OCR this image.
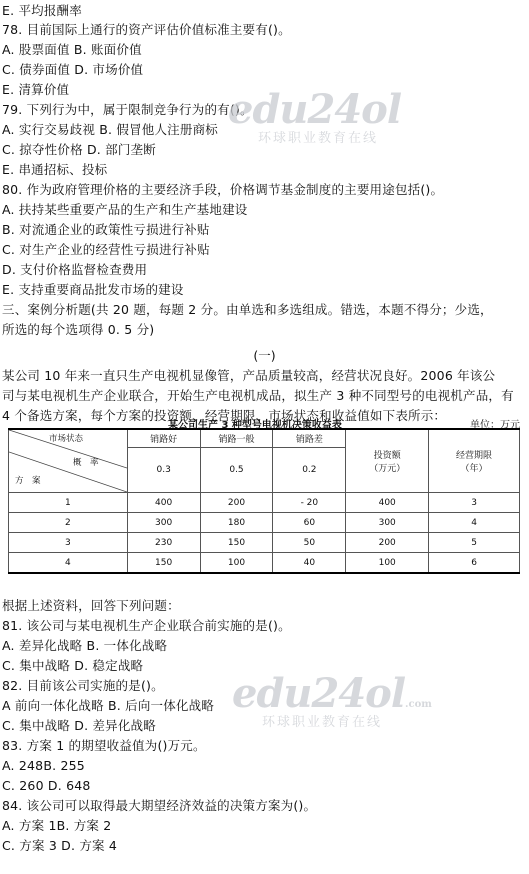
E. 平均报酬率
78. 目前国际上通行的资产评估价值标准主要有()。
A. 股票面值 B. 账面价值
C. 债券面值 D. 市场价值
E. 清算价值
79. 下列行为中，属于限制竞争行为的有()。
A. 实行交易歧视 B. 假冒他人注册商标
C. 掠夺性价格 D. 部门垄断
E. 串通招标、投标
80. 作为政府管理价格的主要经济手段，价格调节基金制度的主要用途包括()。
A. 扶持某些重要产品的生产和生产基地建设
B. 对流通企业的政策性亏损进行补贴
C. 对生产企业的经营性亏损进行补贴
D. 支付价格监督检查费用
E. 支持重要商品批发市场的建设
三、案例分析题(共 20 题，每题 2 分。由单选和多选组成。错选，本题不得分；少选，
所选的每个选项得 0. 5 分)
edu24ol
环球职业教育在线
(一)
某公司 10 年来一直只生产电视机显像管，产品质量较高，经营状况良好。2006 年该公
司与某电视机生产企业联合，开始生产电视机成品，拟生产 3 种不同型号的电视机产品，有
4 个备选方案，每个方案的投资额、经营期限、市场状态和收益值如下表所示：
某公司生产 3 种型号电视机决策收益表	单位：万元
市场状态
概　率
方　案	销路好	销路一般	销路差	投资额
（万元）	经营期限
（年）
	0.3	0.5	0.2		
1	400	200	- 20	400	3
2	300	180	60	300	4
3	230	150	50	200	5
4	150	100	40	100	6
根据上述资料，回答下列问题：
81. 该公司与某电视机生产企业联合前实施的是()。
A. 差异化战略 B. 一体化战略
C. 集中战略 D. 稳定战略
82. 目前该公司实施的是()。
A 前向一体化战略 B. 后向一体化战略
C. 集中战略 D. 差异化战略
83. 方案 1 的期望收益值为()万元。
A. 248B. 255
C. 260 D. 648
84. 该公司可以取得最大期望经济效益的决策方案为()。
A. 方案 1B. 方案 2
C. 方案 3 D. 方案 4
edu24ol.com
环球职业教育在线
